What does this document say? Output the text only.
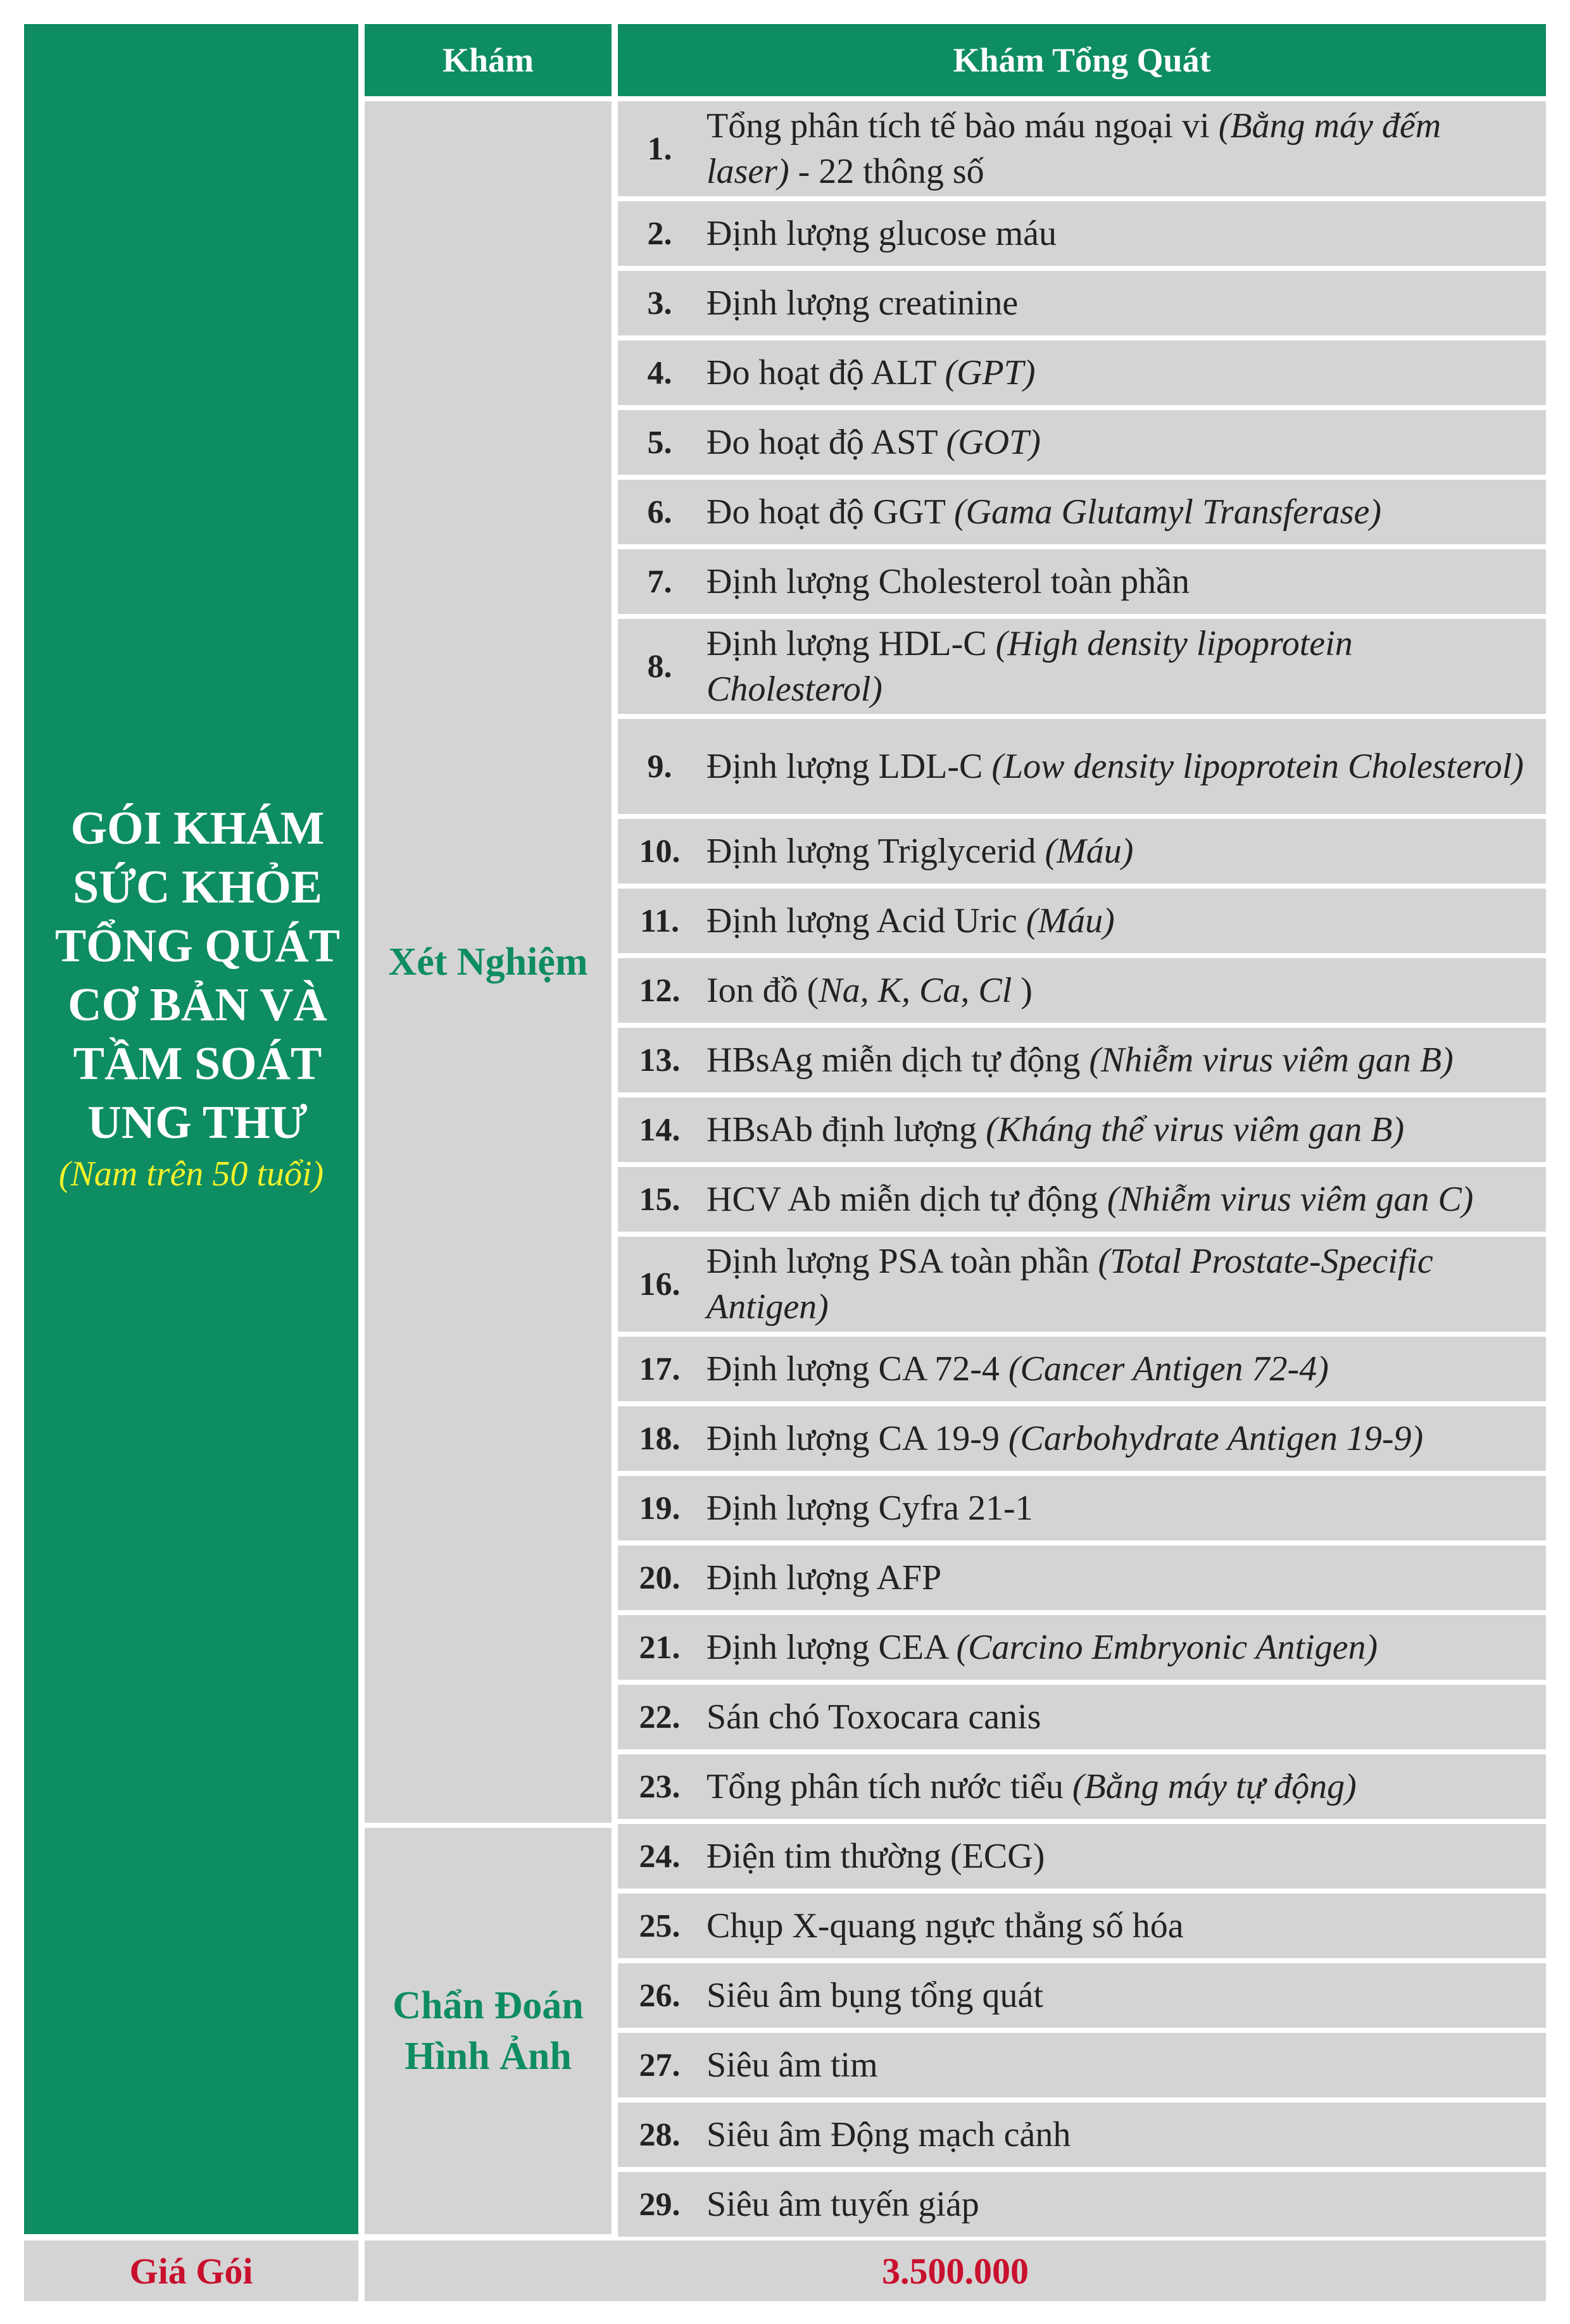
Khám	Khám Tổng Quát
GÓI KHÁM
SỨC KHỎE
TỔNG QUÁT
CƠ BẢN VÀ
TẦM SOÁT
UNG THƯ
(Nam trên 50 tuổi)
Xét Nghiệm
Chẩn Đoán
Hình Ảnh
1.
Tổng phân tích tế bào máu ngoại vi (Bằng máy đếm laser) - 22 thông số
2. Định lượng glucose máu
3. Định lượng creatinine
4. Đo hoạt độ ALT (GPT)
5. Đo hoạt độ AST (GOT)
6. Đo hoạt độ GGT (Gama Glutamyl Transferase)
7. Định lượng Cholesterol toàn phần
8.
Định lượng HDL-C (High density lipoprotein Cholesterol)
9. Định lượng LDL-C (Low density lipoprotein Cholesterol)
10. Định lượng Triglycerid (Máu)
11. Định lượng Acid Uric (Máu)
12. Ion đồ (Na, K, Ca, Cl )
13. HBsAg miễn dịch tự động (Nhiễm virus viêm gan B)
14. HBsAb định lượng (Kháng thể virus viêm gan B)
15. HCV Ab miễn dịch tự động (Nhiễm virus viêm gan C)
16.
Định lượng PSA toàn phần (Total Prostate-Specific Antigen)
17. Định lượng CA 72-4 (Cancer Antigen 72-4)
18. Định lượng CA 19-9 (Carbohydrate Antigen 19-9)
19. Định lượng Cyfra 21-1
20. Định lượng AFP
21. Định lượng CEA (Carcino Embryonic Antigen)
22. Sán chó Toxocara canis
23. Tổng phân tích nước tiểu (Bằng máy tự động)
24. Điện tim thường (ECG)
25. Chụp X-quang ngực thẳng số hóa
26. Siêu âm bụng tổng quát
27. Siêu âm tim
28. Siêu âm Động mạch cảnh
29. Siêu âm tuyến giáp
Giá Gói	3.500.000
